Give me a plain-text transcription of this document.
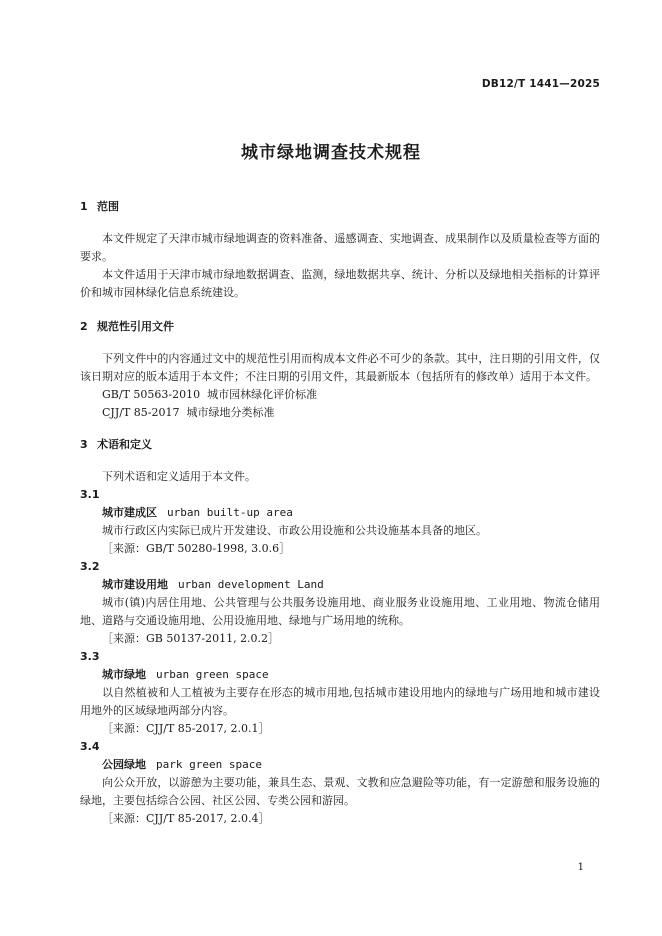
DB12/T 1441—2025
城市绿地调查技术规程
1 范围

本文件规定了天津市城市绿地调查的资料准备、遥感调查、实地调查、成果制作以及质量检查等方面的要求。

本文件适用于天津市城市绿地数据调查、监测，绿地数据共享、统计、分析以及绿地相关指标的计算评价和城市园林绿化信息系统建设。

2 规范性引用文件

下列文件中的内容通过文中的规范性引用而构成本文件必不可少的条款。其中，注日期的引用文件，仅该日期对应的版本适用于本文件；不注日期的引用文件，其最新版本（包括所有的修改单）适用于本文件。

GB/T 50563-2010 城市园林绿化评价标准

CJJ/T 85-2017 城市绿地分类标准

3 术语和定义

下列术语和定义适用于本文件。

3.1

城市建成区 urban built-up area

城市行政区内实际已成片开发建设、市政公用设施和公共设施基本具备的地区。

［来源：GB/T 50280-1998, 3.0.6］

3.2

城市建设用地 urban development Land

城市(镇)内居住用地、公共管理与公共服务设施用地、商业服务业设施用地、工业用地、物流仓储用地、道路与交通设施用地、公用设施用地、绿地与广场用地的统称。

［来源：GB 50137-2011, 2.0.2］

3.3

城市绿地 urban green space

以自然植被和人工植被为主要存在形态的城市用地,包括城市建设用地内的绿地与广场用地和城市建设用地外的区域绿地两部分内容。

［来源：CJJ/T 85-2017, 2.0.1］

3.4

公园绿地 park green space

向公众开放，以游憩为主要功能，兼具生态、景观、文教和应急避险等功能，有一定游憩和服务设施的绿地，主要包括综合公园、社区公园、专类公园和游园。

［来源：CJJ/T 85-2017, 2.0.4］

1
